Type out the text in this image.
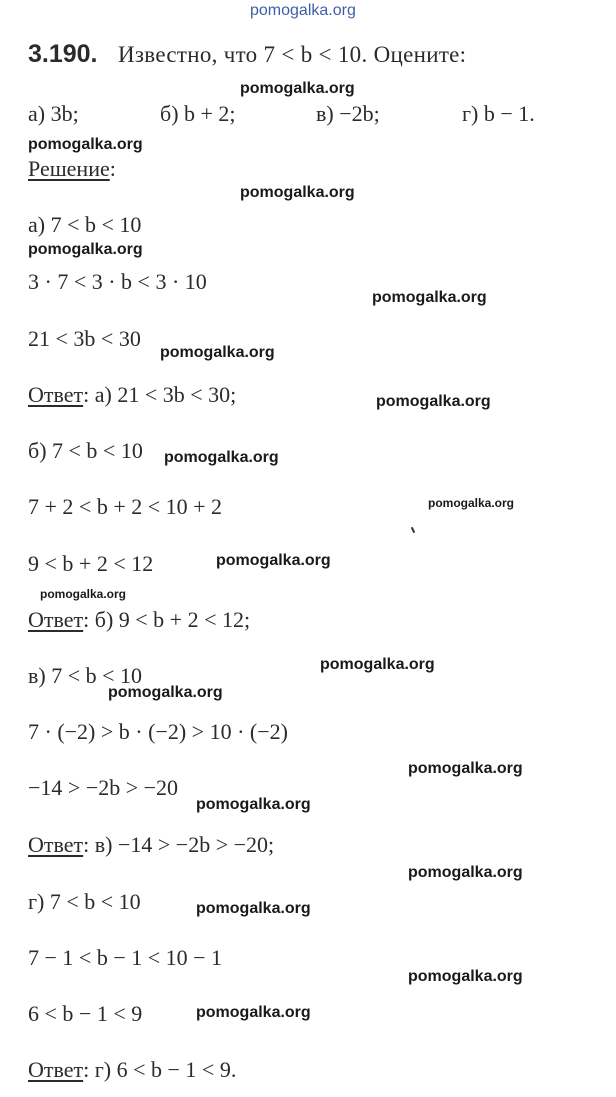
pomogalka.org
3.190. Известно, что 7 < b < 10. Оцените:
а) 3b;	б) b + 2;	в) −2b;	г) b − 1.
Решение:
а) 7 < b < 10
3 · 7 < 3 · b < 3 · 10
21 < 3b < 30
Ответ: а) 21 < 3b < 30;
б) 7 < b < 10
7 + 2 < b + 2 < 10 + 2
9 < b + 2 < 12
Ответ: б) 9 < b + 2 < 12;
в) 7 < b < 10
7 · (−2) > b · (−2) > 10 · (−2)
−14 > −2b > −20
Ответ: в) −14 > −2b > −20;
г) 7 < b < 10
7 − 1 < b − 1 < 10 − 1
6 < b − 1 < 9
Ответ: г) 6 < b − 1 < 9.
pomogalka.org
pomogalka.org
pomogalka.org
pomogalka.org
pomogalka.org
pomogalka.org
pomogalka.org
pomogalka.org
pomogalka.org
pomogalka.org
pomogalka.org
pomogalka.org
pomogalka.org
pomogalka.org
pomogalka.org
pomogalka.org
pomogalka.org
pomogalka.org
pomogalka.org
